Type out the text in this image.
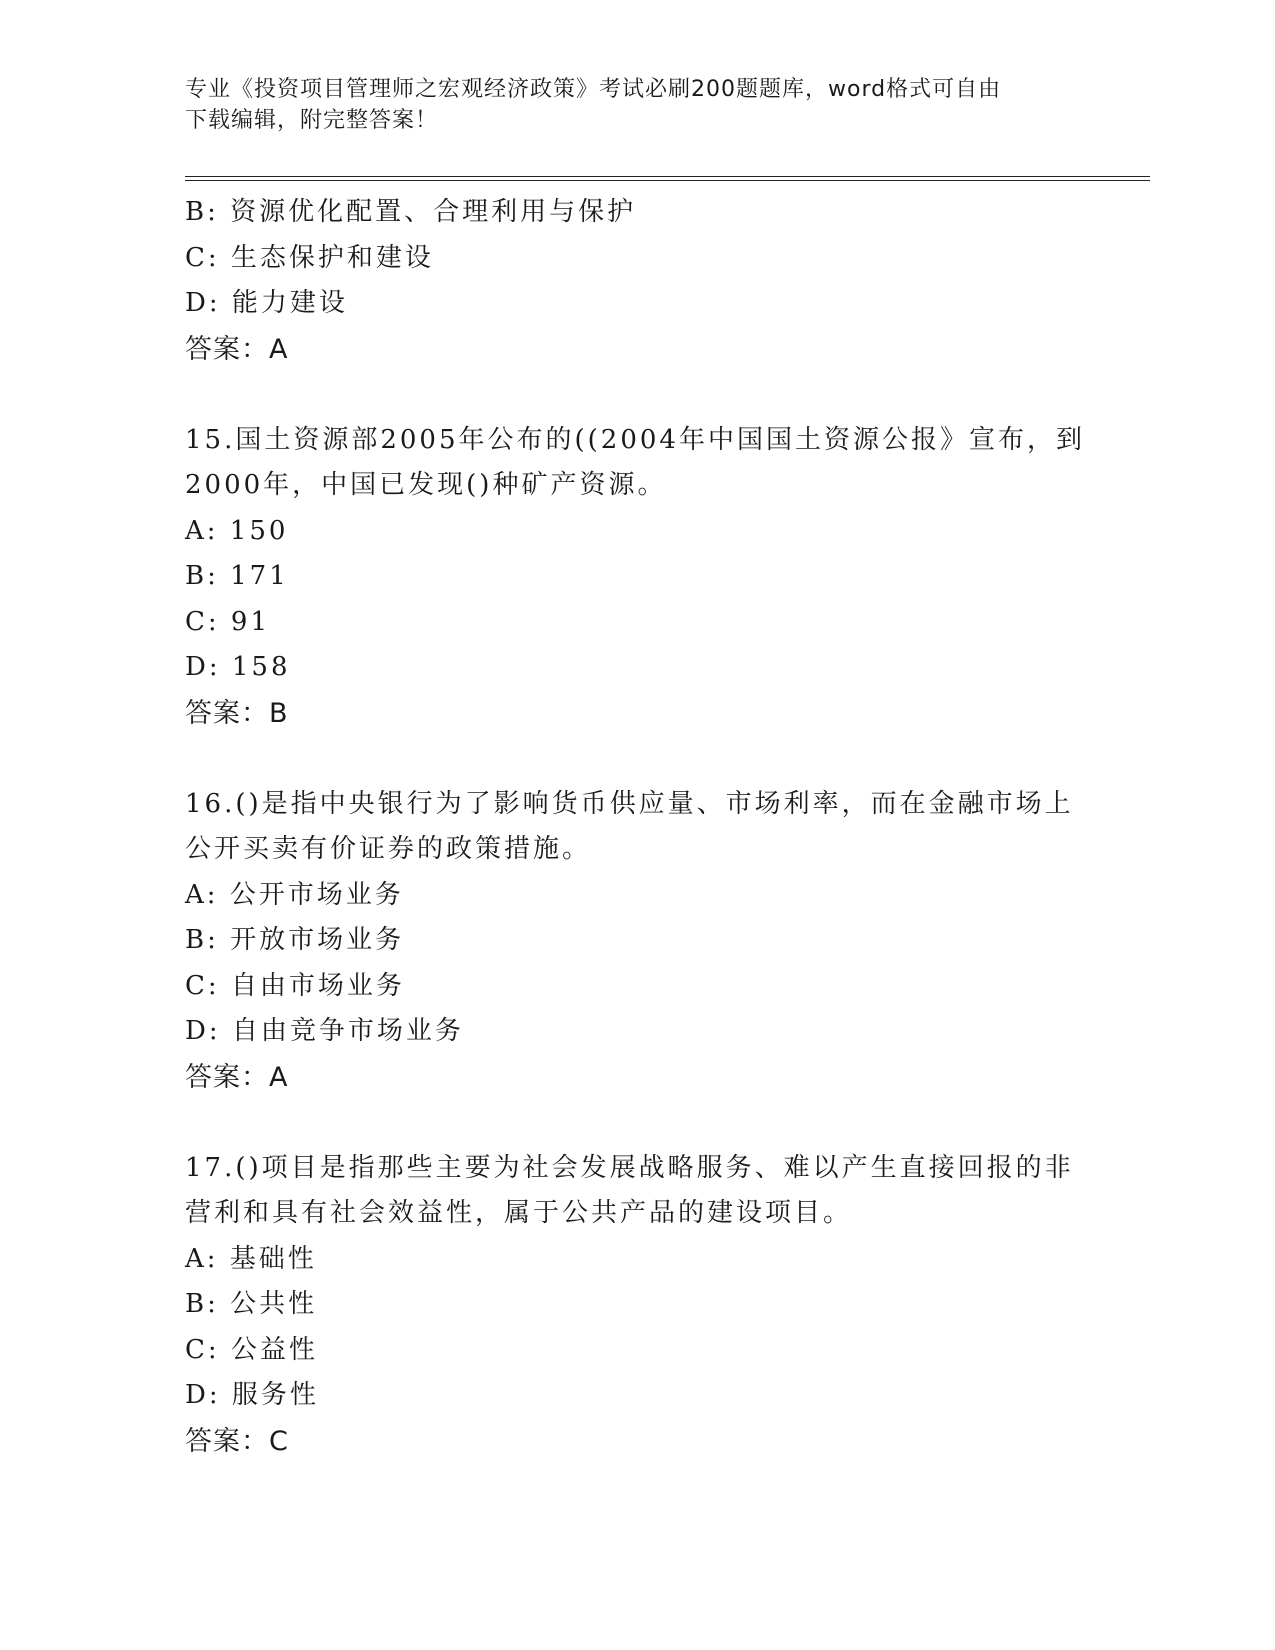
专业《投资项目管理师之宏观经济政策》考试必刷200题题库，word格式可自由
下载编辑，附完整答案！
B: 资源优化配置、合理利用与保护
C: 生态保护和建设
D: 能力建设
答案：A
15.国土资源部2005年公布的((2004年中国国土资源公报》宣布，到
2000年，中国已发现()种矿产资源。
A: 150
B: 171
C: 91
D: 158
答案：B
16.()是指中央银行为了影响货币供应量、市场利率，而在金融市场上
公开买卖有价证券的政策措施。
A: 公开市场业务
B: 开放市场业务
C: 自由市场业务
D: 自由竞争市场业务
答案：A
17.()项目是指那些主要为社会发展战略服务、难以产生直接回报的非
营利和具有社会效益性，属于公共产品的建设项目。
A: 基础性
B: 公共性
C: 公益性
D: 服务性
答案：C
